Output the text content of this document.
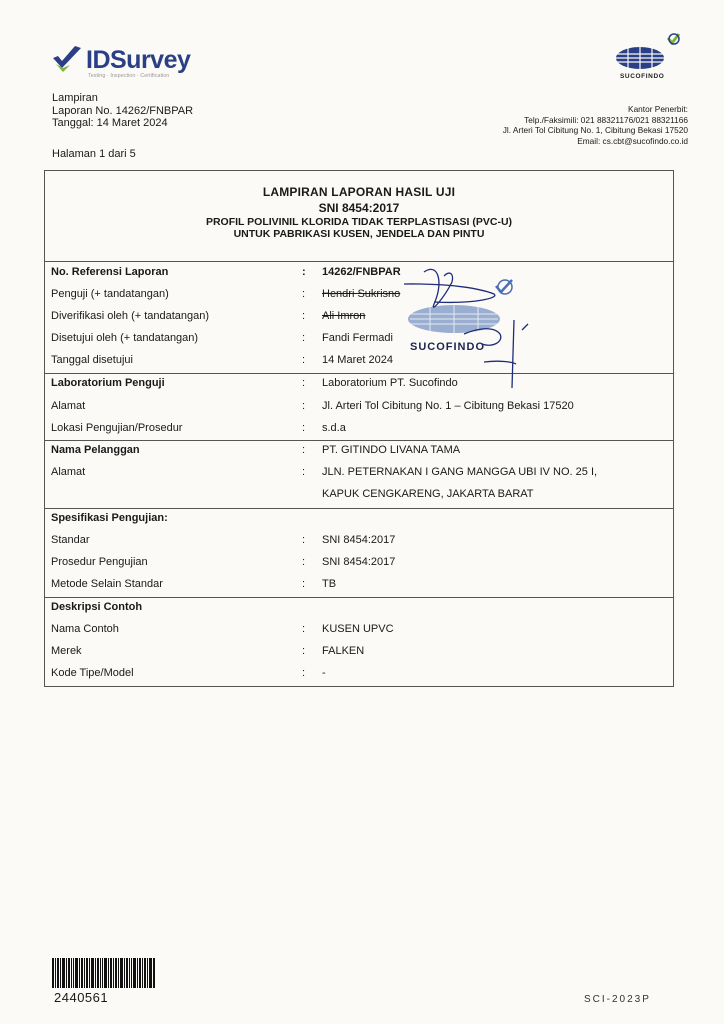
IDSurvey
Testing · Inspection · Certification	SUCOFINDO
Lampiran
Laporan No. 14262/FNBPAR
Tanggal: 14 Maret 2024
Halaman 1 dari 5
Kantor Penerbit:
Telp./Faksimili: 021 88321176/021 88321166
Jl. Arteri Tol Cibitung No. 1, Cibitung Bekasi 17520
Email: cs.cbt@sucofindo.co.id
LAMPIRAN LAPORAN HASIL UJI
SNI 8454:2017
PROFIL POLIVINIL KLORIDA TIDAK TERPLASTISASI (PVC-U)
UNTUK PABRIKASI KUSEN, JENDELA DAN PINTU
No. Referensi Laporan	: 14262/FNBPAR
Penguji (+ tandatangan)	: Hendri Sukrisno
Diverifikasi oleh (+ tandatangan)	: Ali Imron
Disetujui oleh (+ tandatangan)	: Fandi Fermadi
Tanggal disetujui	: 14 Maret 2024
Laboratorium Penguji	: Laboratorium PT. Sucofindo
Alamat	: Jl. Arteri Tol Cibitung No. 1 – Cibitung Bekasi 17520
Lokasi Pengujian/Prosedur	: s.d.a
Nama Pelanggan	: PT. GITINDO LIVANA TAMA
Alamat	: JLN. PETERNAKAN I GANG MANGGA UBI IV NO. 25 I,
KAPUK CENGKARENG, JAKARTA BARAT
Spesifikasi Pengujian:
Standar	: SNI 8454:2017
Prosedur Pengujian	: SNI 8454:2017
Metode Selain Standar	: TB
Deskripsi Contoh
Nama Contoh	: KUSEN UPVC
Merek	: FALKEN
Kode Tipe/Model	: -
SUCOFINDO
2440561	SCI-2023P
